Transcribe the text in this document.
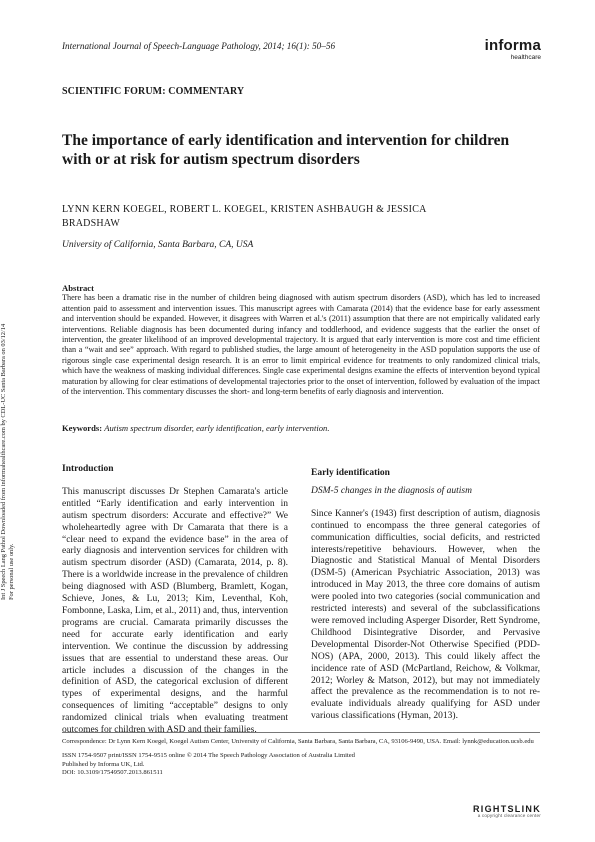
International Journal of Speech-Language Pathology, 2014; 16(1): 50–56	informa
healthcare
SCIENTIFIC FORUM: COMMENTARY
The importance of early identification and intervention for children with or at risk for autism spectrum disorders
LYNN KERN KOEGEL, ROBERT L. KOEGEL, KRISTEN ASHBAUGH & JESSICA BRADSHAW
University of California, Santa Barbara, CA, USA
Abstract
There has been a dramatic rise in the number of children being diagnosed with autism spectrum disorders (ASD), which has led to increased attention paid to assessment and intervention issues. This manuscript agrees with Camarata (2014) that the evidence base for early assessment and intervention should be expanded. However, it disagrees with Warren et al.'s (2011) assumption that there are not empirically validated early interventions. Reliable diagnosis has been documented during infancy and toddlerhood, and evidence suggests that the earlier the onset of intervention, the greater likelihood of an improved developmental trajectory. It is argued that early intervention is more cost and time efficient than a “wait and see” approach. With regard to published studies, the large amount of heterogeneity in the ASD population supports the use of rigorous single case experimental design research. It is an error to limit empirical evidence for treatments to only randomized clinical trials, which have the weakness of masking individual differences. Single case experimental designs examine the effects of intervention beyond typical maturation by allowing for clear estimations of developmental trajectories prior to the onset of intervention, followed by evaluation of the impact of the intervention. This commentary discusses the short- and long-term benefits of early diagnosis and intervention.
Keywords: Autism spectrum disorder, early identification, early intervention.
Int J Speech Lang Pathol Downloaded from informahealthcare.com by CDL-UC Santa Barbara on 03/12/14 For personal use only.
Introduction

This manuscript discusses Dr Stephen Camarata's article entitled “Early identification and early intervention in autism spectrum disorders: Accurate and effective?” We wholeheartedly agree with Dr Camarata that there is a “clear need to expand the evidence base” in the area of early diagnosis and intervention services for children with autism spectrum disorder (ASD) (Camarata, 2014, p. 8). There is a worldwide increase in the prevalence of children being diagnosed with ASD (Blumberg, Bramlett, Kogan, Schieve, Jones, & Lu, 2013; Kim, Leventhal, Koh, Fombonne, Laska, Lim, et al., 2011) and, thus, intervention programs are crucial. Camarata primarily discusses the need for accurate early identification and early intervention. We continue the discussion by addressing issues that are essential to understand these areas. Our article includes a discussion of the changes in the definition of ASD, the categorical exclusion of different types of experimental designs, and the harmful consequences of limiting “acceptable” designs to only randomized clinical trials when evaluating treatment outcomes for children with ASD and their families.

Early identification
DSM-5 changes in the diagnosis of autism

Since Kanner's (1943) first description of autism, diagnosis continued to encompass the three general categories of communication difficulties, social deficits, and restricted interests/repetitive behaviours. However, when the Diagnostic and Statistical Manual of Mental Disorders (DSM-5) (American Psychiatric Association, 2013) was introduced in May 2013, the three core domains of autism were pooled into two categories (social communication and restricted interests) and several of the subclassifications were removed including Asperger Disorder, Rett Syndrome, Childhood Disintegrative Disorder, and Pervasive Developmental Disorder-Not Otherwise Specified (PDD-NOS) (APA, 2000, 2013). This could likely affect the incidence rate of ASD (McPartland, Reichow, & Volkmar, 2012; Worley & Matson, 2012), but may not immediately affect the prevalence as the recommendation is to not re-evaluate individuals already qualifying for ASD under various classifications (Hyman, 2013).

Correspondence: Dr Lynn Kern Koegel, Koegel Autism Center, University of California, Santa Barbara, Santa Barbara, CA, 93106-9490, USA. Email: lynnk@education.ucsb.edu
ISSN 1754-9507 print/ISSN 1754-9515 online © 2014 The Speech Pathology Association of Australia Limited
Published by Informa UK, Ltd.
DOI: 10.3109/17549507.2013.861511
RIGHTSLINK
a copyright clearance center
